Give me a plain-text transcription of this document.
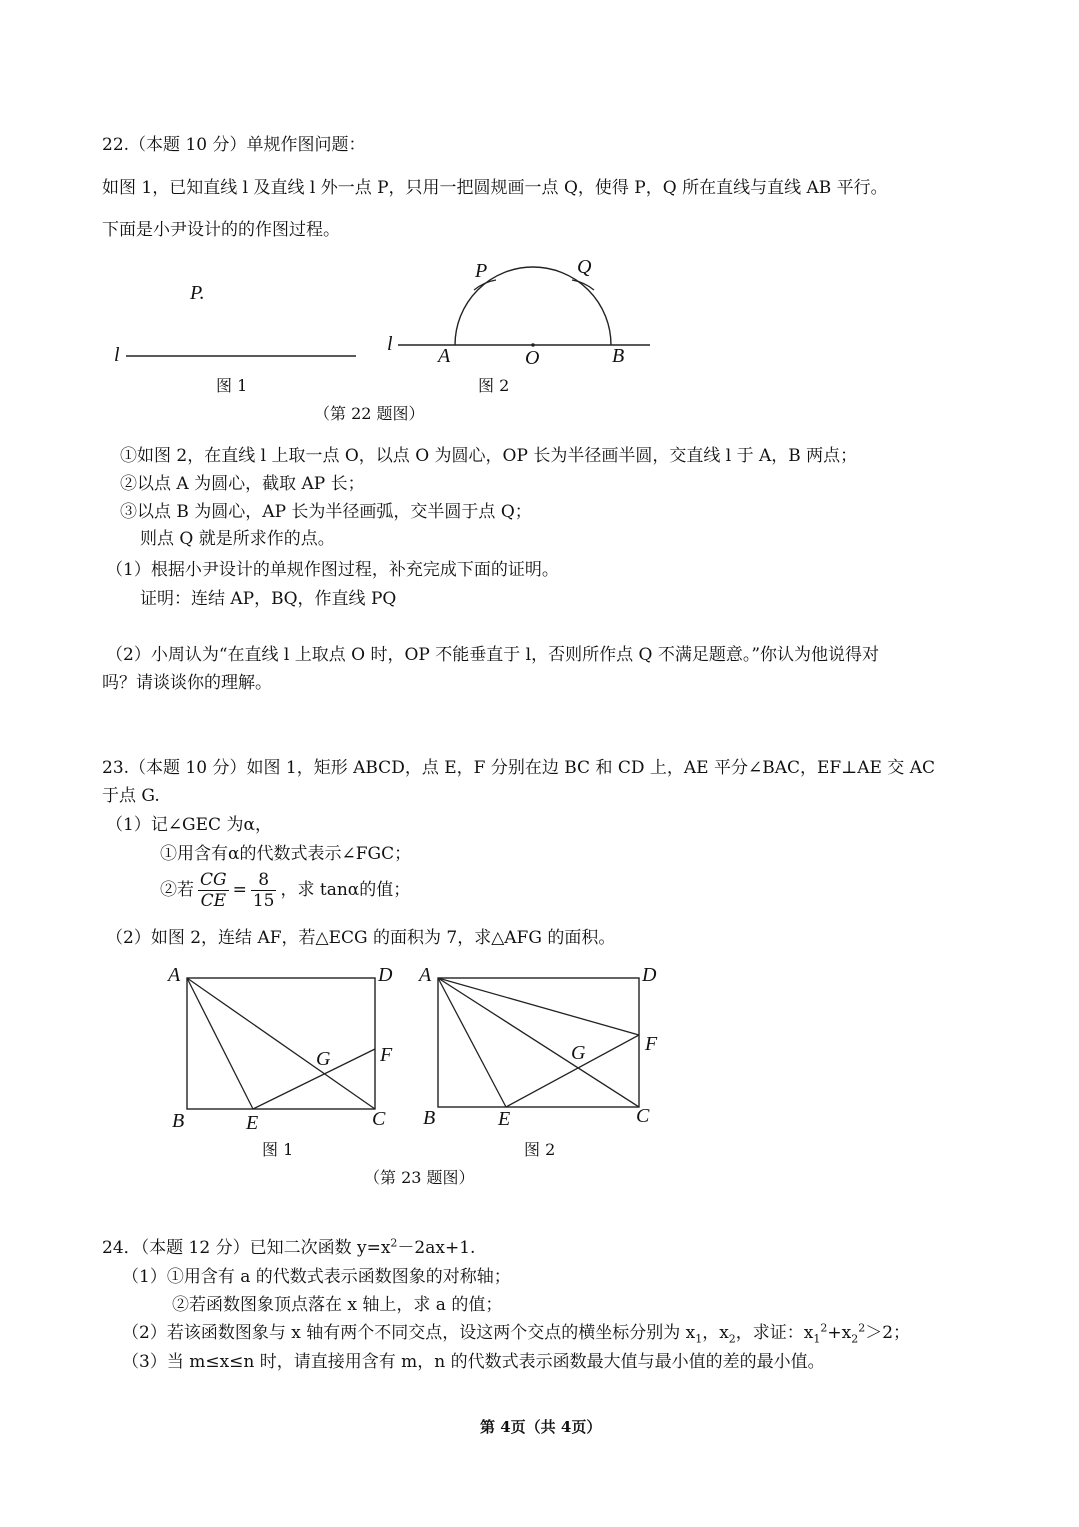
22.（本题 10 分）单规作图问题：
如图 1，已知直线 l 及直线 l 外一点 P，只用一把圆规画一点 Q，使得 P，Q 所在直线与直线 AB 平行。
下面是小尹设计的的作图过程。
P.
l
图 1
l
A	O	B
P	Q
图 2
（第 22 题图）
①如图 2，在直线 l 上取一点 O，以点 O 为圆心，OP 长为半径画半圆，交直线 l 于 A，B 两点；
②以点 A 为圆心，截取 AP 长；
③以点 B 为圆心，AP 长为半径画弧，交半圆于点 Q；
则点 Q 就是所求作的点。
（1）根据小尹设计的单规作图过程，补充完成下面的证明。
证明：连结 AP，BQ，作直线 PQ
（2）小周认为“在直线 l 上取点 O 时，OP 不能垂直于 l，否则所作点 Q 不满足题意。”你认为他说得对
吗？请谈谈你的理解。
23.（本题 10 分）如图 1，矩形 ABCD，点 E，F 分别在边 BC 和 CD 上，AE 平分∠BAC，EF⊥AE 交 AC
于点 G.
（1）记∠GEC 为α，
①用含有α的代数式表示∠FGC；
②若 $\frac{CG}{CE} = \frac{8}{15}$ ，求 tanα的值；
（2）如图 2，连结 AF，若△ECG 的面积为 7，求△AFG 的面积。
A	D
B	E	C
F
G
图 1
A	D
B	E	C
F
G
图 2
（第 23 题图）
24．（本题 12 分）已知二次函数 $y=x^2-2ax+1$.
（1）①用含有 a 的代数式表示函数图象的对称轴；
②若函数图象顶点落在 x 轴上，求 a 的值；
（2）若该函数图象与 x 轴有两个不同交点，设这两个交点的横坐标分别为 $x_1$，$x_2$，求证：$x_1^2+x_2^2>2$；
（3）当 m≤x≤n 时，请直接用含有 m，n 的代数式表示函数最大值与最小值的差的最小值。
第 4页（共 4页）
